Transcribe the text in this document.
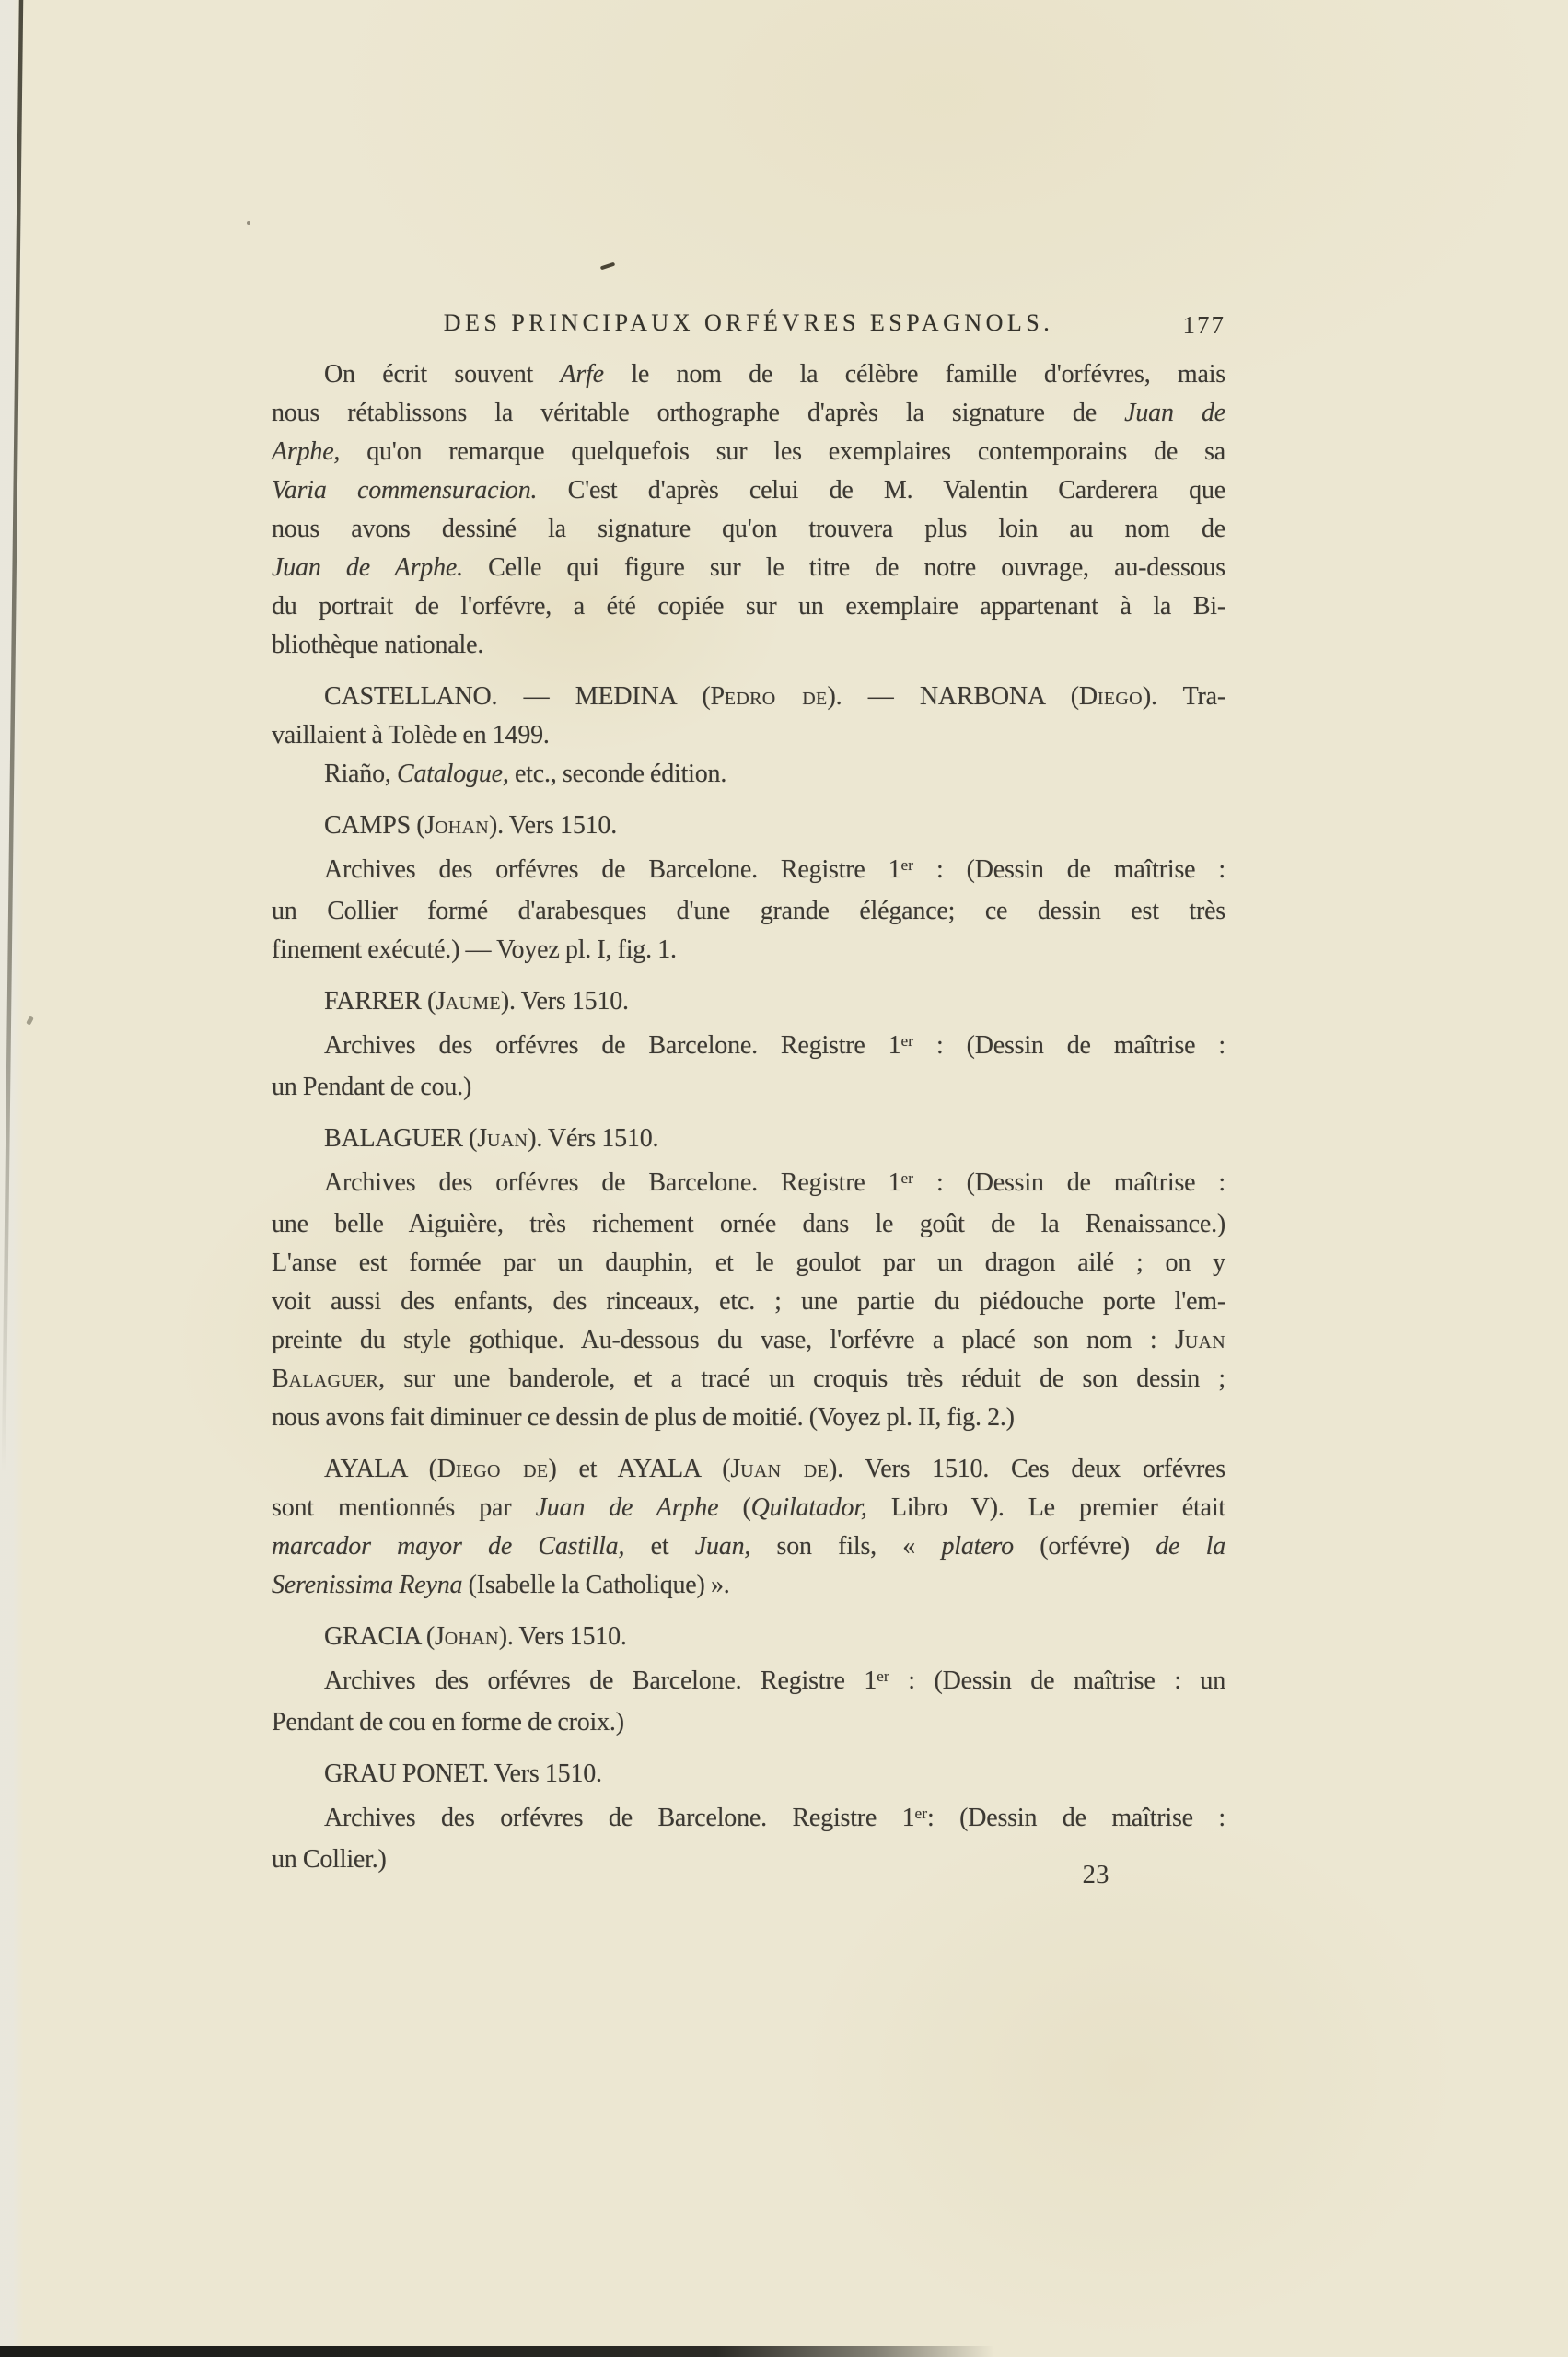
DES PRINCIPAUX ORFÉVRES ESPAGNOLS.	177
On écrit souvent Arfe le nom de la célèbre famille d'orfévres, mais
nous rétablissons la véritable orthographe d'après la signature de Juan de
Arphe, qu'on remarque quelquefois sur les exemplaires contemporains de sa
Varia commensuracion. C'est d'après celui de M. Valentin Carderera que
nous avons dessiné la signature qu'on trouvera plus loin au nom de
Juan de Arphe. Celle qui figure sur le titre de notre ouvrage, au-dessous
du portrait de l'orfévre, a été copiée sur un exemplaire appartenant à la Bi-
bliothèque nationale.
CASTELLANO. — MEDINA (Pedro de). — NARBONA (Diego). Tra-
vaillaient à Tolède en 1499.
Riaño, Catalogue, etc., seconde édition.
CAMPS (Johan). Vers 1510.
Archives des orfévres de Barcelone. Registre 1er : (Dessin de maîtrise :
un Collier formé d'arabesques d'une grande élégance; ce dessin est très
finement exécuté.) — Voyez pl. I, fig. 1.
FARRER (Jaume). Vers 1510.
Archives des orfévres de Barcelone. Registre 1er : (Dessin de maîtrise :
un Pendant de cou.)
BALAGUER (Juan). Vérs 1510.
Archives des orfévres de Barcelone. Registre 1er : (Dessin de maîtrise :
une belle Aiguière, très richement ornée dans le goût de la Renaissance.)
L'anse est formée par un dauphin, et le goulot par un dragon ailé ; on y
voit aussi des enfants, des rinceaux, etc. ; une partie du piédouche porte l'em-
preinte du style gothique. Au-dessous du vase, l'orfévre a placé son nom : Juan
Balaguer, sur une banderole, et a tracé un croquis très réduit de son dessin ;
nous avons fait diminuer ce dessin de plus de moitié. (Voyez pl. II, fig. 2.)
AYALA (Diego de) et AYALA (Juan de). Vers 1510. Ces deux orfévres
sont mentionnés par Juan de Arphe (Quilatador, Libro V). Le premier était
marcador mayor de Castilla, et Juan, son fils, « platero (orfévre) de la
Serenissima Reyna (Isabelle la Catholique) ».
GRACIA (Johan). Vers 1510.
Archives des orfévres de Barcelone. Registre 1er : (Dessin de maîtrise : un
Pendant de cou en forme de croix.)
GRAU PONET. Vers 1510.
Archives des orfévres de Barcelone. Registre 1er: (Dessin de maîtrise :
un Collier.)
23
